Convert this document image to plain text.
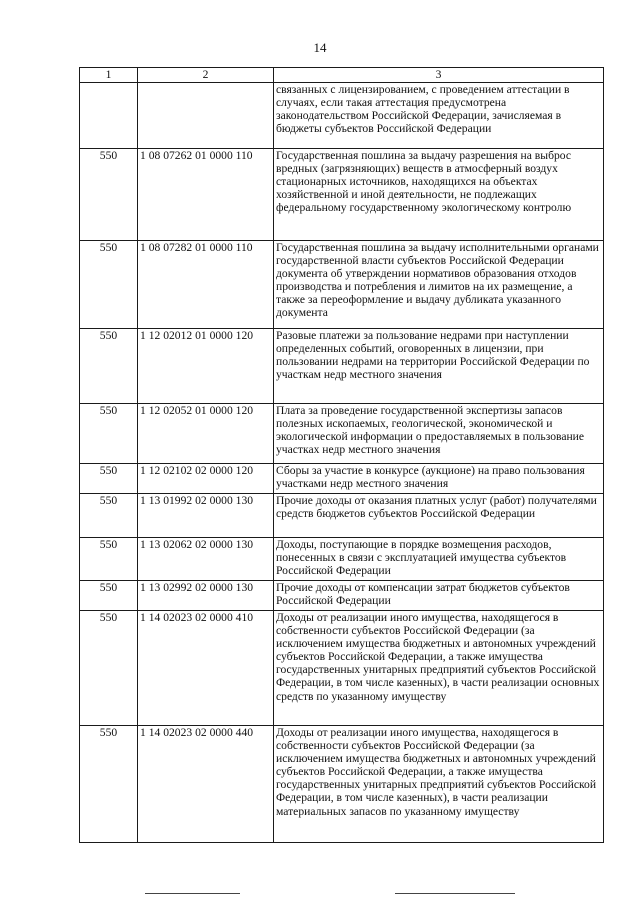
14
1	2	3
		связанных с лицензированием, с проведением аттестации в случаях, если такая аттестация предусмотрена законодательством Российской Федерации, зачисляемая в бюджеты субъектов Российской Федерации
550	1 08 07262 01 0000 110	Государственная пошлина за выдачу разрешения на выброс вредных (загрязняющих) веществ в атмосферный воздух стационарных источников, находящихся на объектах хозяйственной и иной деятельности, не подлежащих федеральному государственному экологическому контролю
550	1 08 07282 01 0000 110	Государственная пошлина за выдачу исполнительными органами государственной власти субъектов Российской Федерации документа об утверждении нормативов образования отходов производства и потребления и лимитов на их размещение, а также за переоформление и выдачу дубликата указанного документа
550	1 12 02012 01 0000 120	Разовые платежи за пользование недрами при наступлении определенных событий, оговоренных в лицензии, при пользовании недрами на территории Российской Федерации по участкам недр местного значения
550	1 12 02052 01 0000 120	Плата за проведение государственной экспертизы запасов полезных ископаемых, геологической, экономической и экологической информации о предоставляемых в пользование участках недр местного значения
550	1 12 02102 02 0000 120	Сборы за участие в конкурсе (аукционе) на право пользования участками недр местного значения
550	1 13 01992 02 0000 130	Прочие доходы от оказания платных услуг (работ) получателями средств бюджетов субъектов Российской Федерации
550	1 13 02062 02 0000 130	Доходы, поступающие в порядке возмещения расходов, понесенных в связи с эксплуатацией имущества субъектов Российской Федерации
550	1 13 02992 02 0000 130	Прочие доходы от компенсации затрат бюджетов субъектов Российской Федерации
550	1 14 02023 02 0000 410	Доходы от реализации иного имущества, находящегося в собственности субъектов Российской Федерации (за исключением имущества бюджетных и автономных учреждений субъектов Российской Федерации, а также имущества государственных унитарных предприятий субъектов Российской Федерации, в том числе казенных), в части реализации основных средств по указанному имуществу
550	1 14 02023 02 0000 440	Доходы от реализации иного имущества, находящегося в собственности субъектов Российской Федерации (за исключением имущества бюджетных и автономных учреждений субъектов Российской Федерации, а также имущества государственных унитарных предприятий субъектов Российской Федерации, в том числе казенных), в части реализации материальных запасов по указанному имуществу
